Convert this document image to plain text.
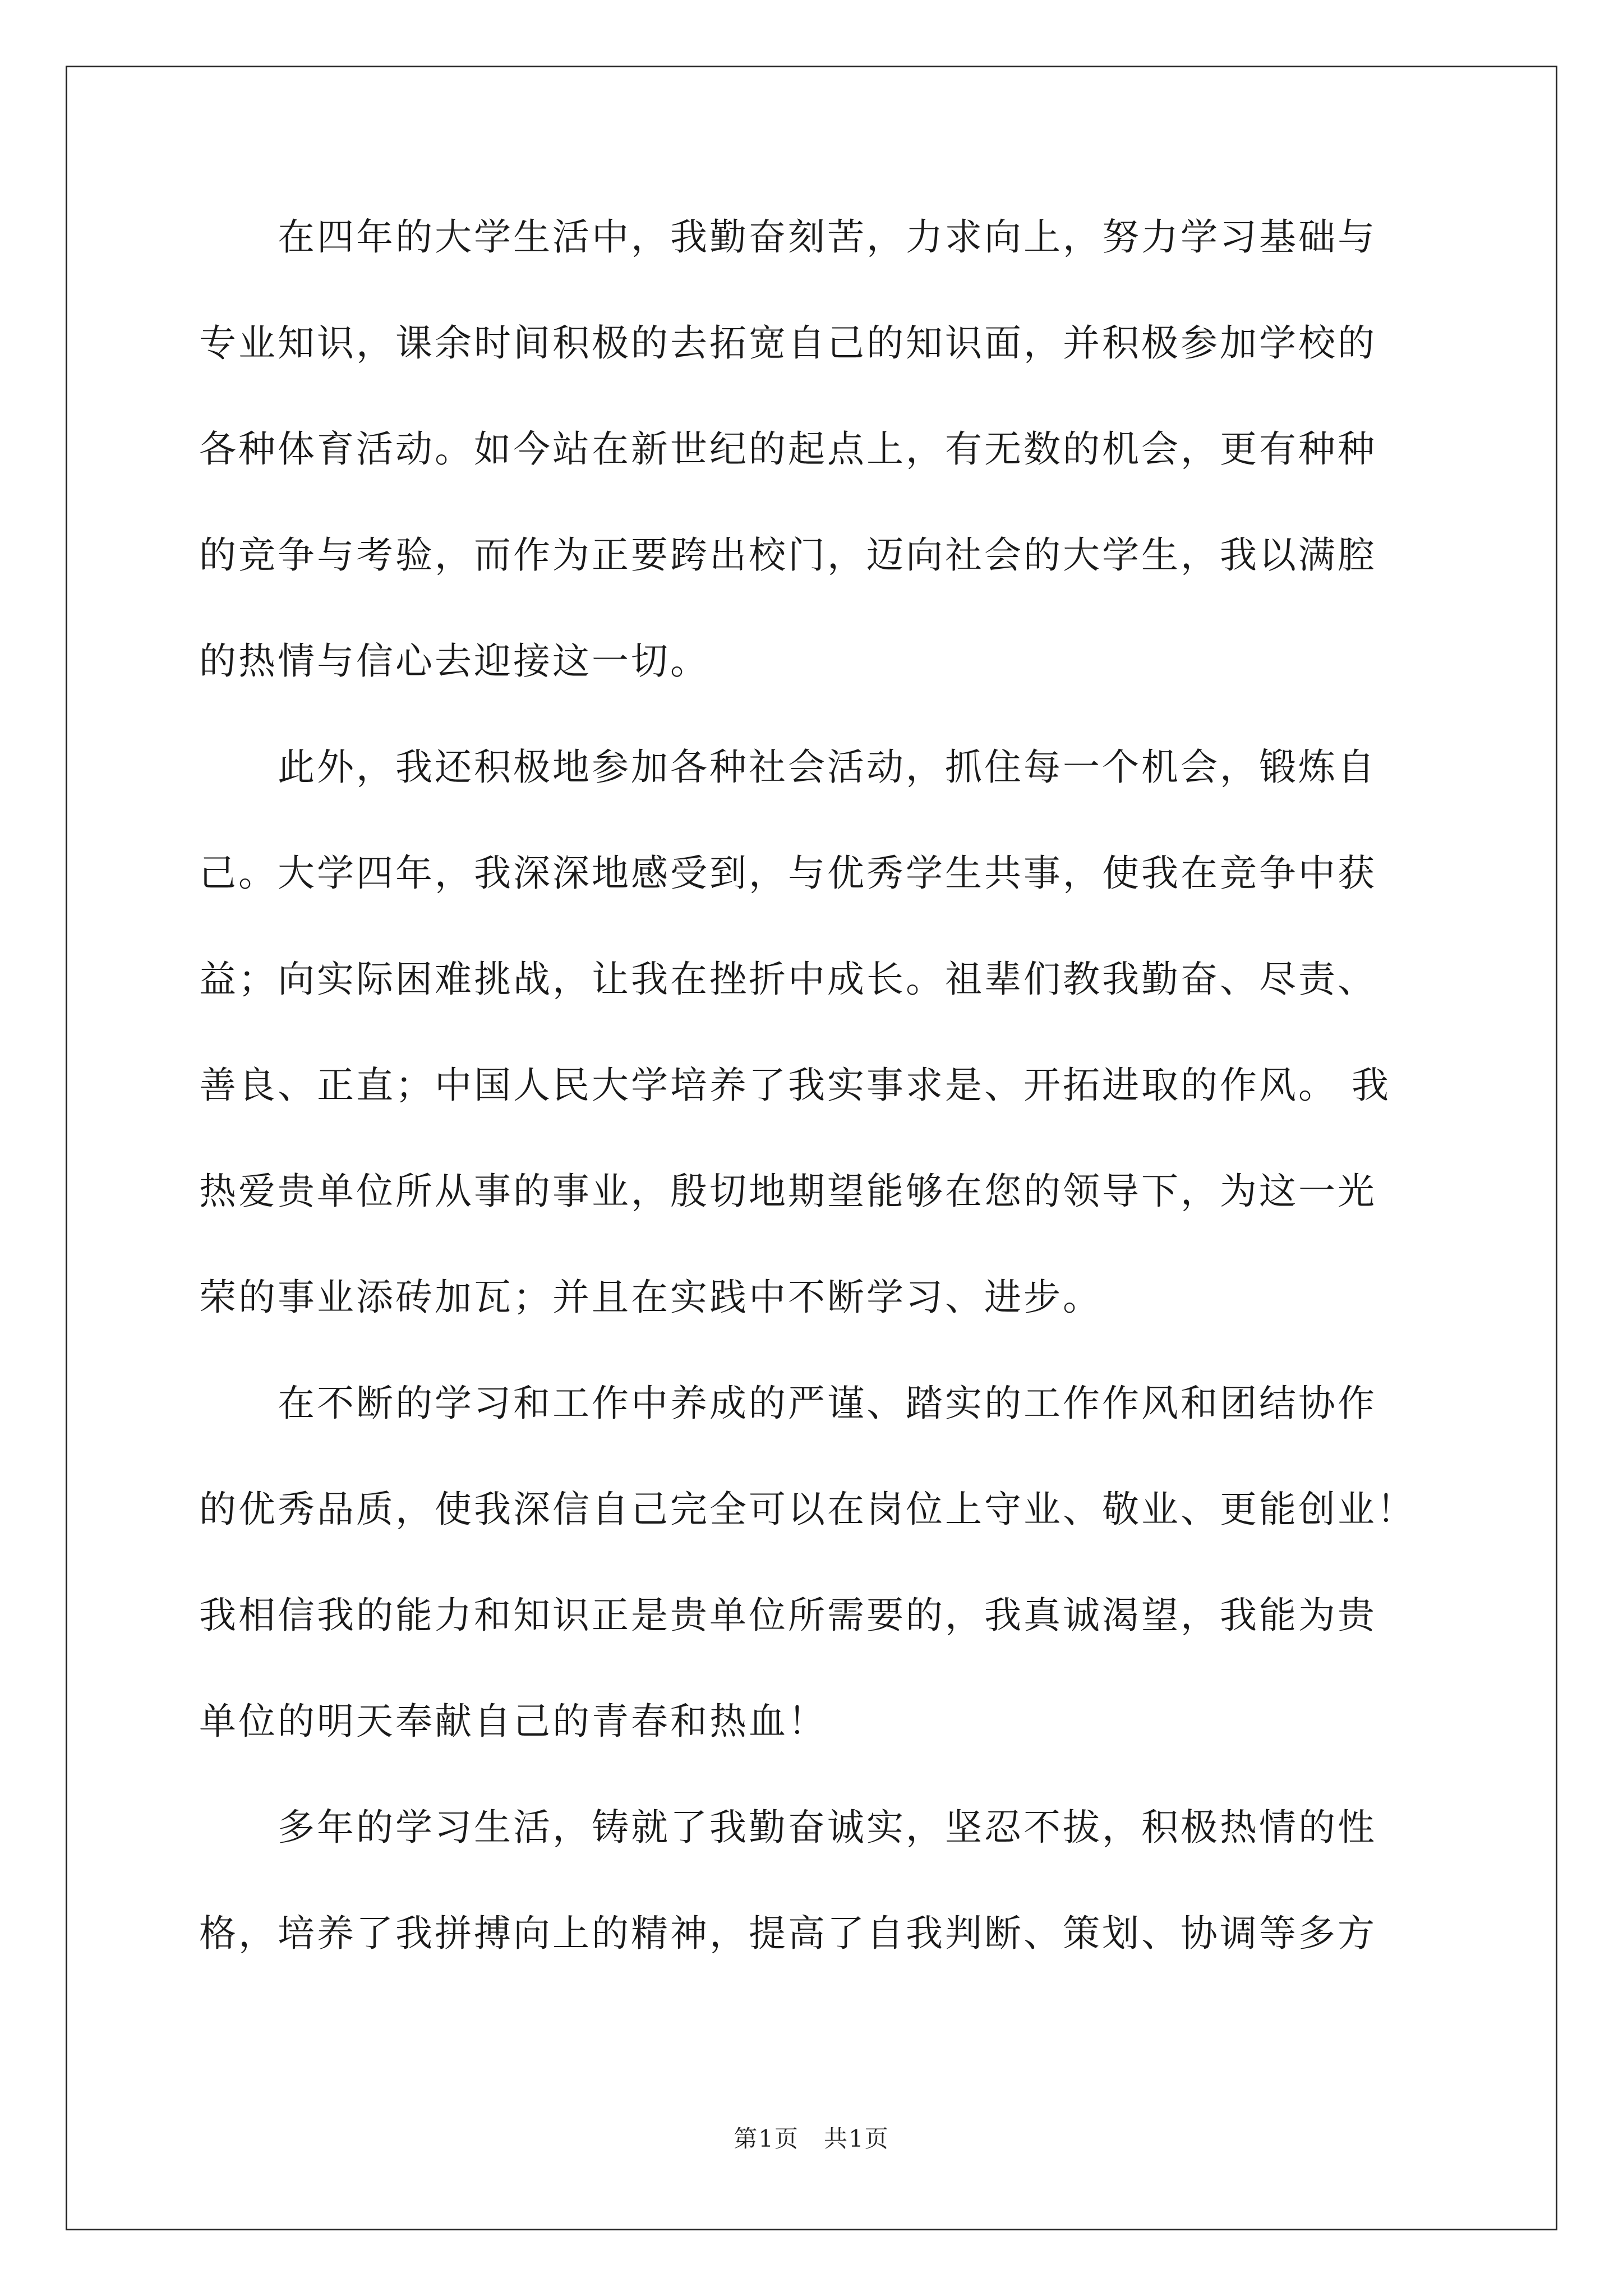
　　在四年的大学生活中，我勤奋刻苦，力求向上，努力学习基础与
专业知识，课余时间积极的去拓宽自己的知识面，并积极参加学校的
各种体育活动。如今站在新世纪的起点上，有无数的机会，更有种种
的竞争与考验，而作为正要跨出校门，迈向社会的大学生，我以满腔
的热情与信心去迎接这一切。
　　此外，我还积极地参加各种社会活动，抓住每一个机会，锻炼自
己。大学四年，我深深地感受到，与优秀学生共事，使我在竞争中获
益；向实际困难挑战，让我在挫折中成长。祖辈们教我勤奋、尽责、
善良、正直；中国人民大学培养了我实事求是、开拓进取的作风。 我
热爱贵单位所从事的事业，殷切地期望能够在您的领导下，为这一光
荣的事业添砖加瓦；并且在实践中不断学习、进步。
　　在不断的学习和工作中养成的严谨、踏实的工作作风和团结协作
的优秀品质，使我深信自己完全可以在岗位上守业、敬业、更能创业！
我相信我的能力和知识正是贵单位所需要的，我真诚渴望，我能为贵
单位的明天奉献自己的青春和热血！
　　多年的学习生活，铸就了我勤奋诚实，坚忍不拔，积极热情的性
格，培养了我拼搏向上的精神，提高了自我判断、策划、协调等多方
第1页　共1页
